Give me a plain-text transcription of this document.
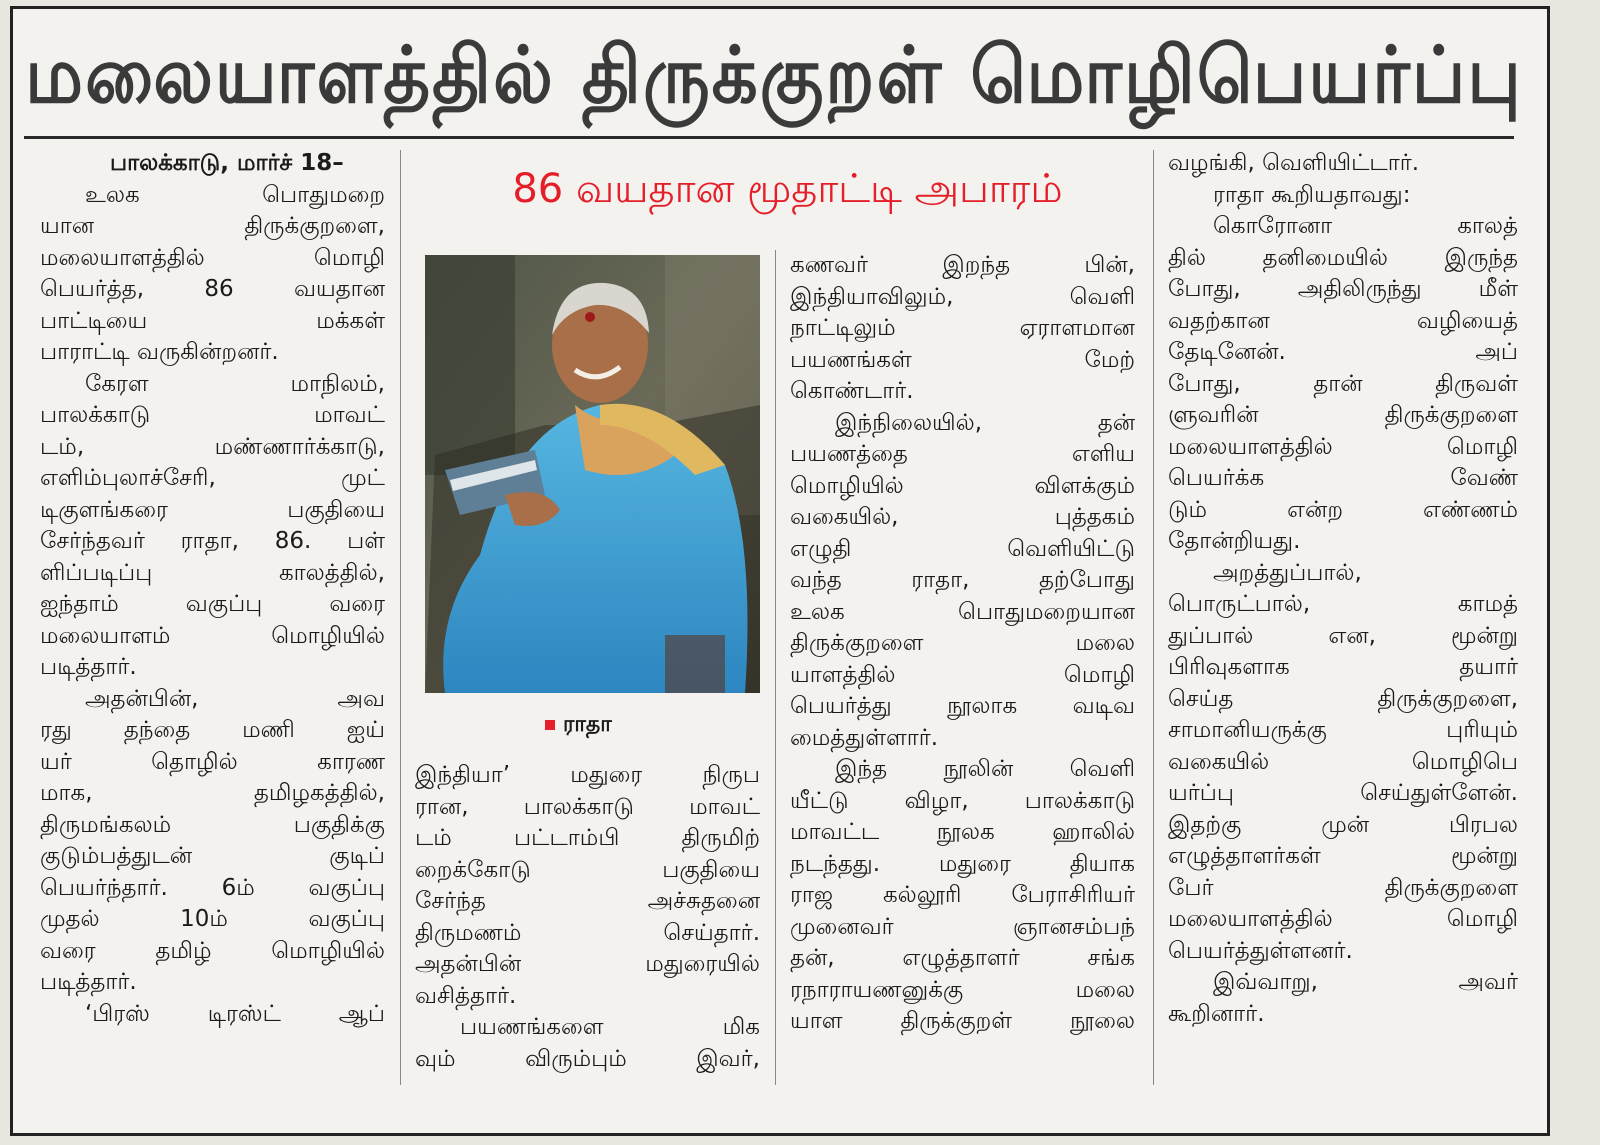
மலையாளத்தில் திருக்குறள் மொழிபெயர்ப்பு
86 வயதான மூதாட்டி அபாரம்
ராதா
பாலக்காடு, மார்ச் 18–
உலக பொதுமறை
யான திருக்குறளை,
மலையாளத்தில் மொழி
பெயர்த்த, 86 வயதான
பாட்டியை மக்கள்
பாராட்டி வருகின்றனர்.
கேரள மாநிலம்,
பாலக்காடு மாவட்
டம், மண்ணார்க்காடு,
எளிம்புலாச்சேரி, முட்
டிகுளங்கரை பகுதியை
சேர்ந்தவர் ராதா, 86. பள்
ளிப்படிப்பு காலத்தில்,
ஐந்தாம் வகுப்பு வரை
மலையாளம் மொழியில்
படித்தார்.
அதன்பின், அவ
ரது தந்தை மணி ஐய்
யர் தொழில் காரண
மாக, தமிழகத்தில்,
திருமங்கலம் பகுதிக்கு
குடும்பத்துடன் குடிப்
பெயர்ந்தார். 6ம் வகுப்பு
முதல் 10ம் வகுப்பு
வரை தமிழ் மொழியில்
படித்தார்.
‘பிரஸ் டிரஸ்ட் ஆப்
இந்தியா’ மதுரை நிருப
ரான, பாலக்காடு மாவட்
டம் பட்டாம்பி திருமிற்
றைக்கோடு பகுதியை
சேர்ந்த அச்சுதனை
திருமணம் செய்தார்.
அதன்பின் மதுரையில்
வசித்தார்.
பயணங்களை மிக
வும் விரும்பும் இவர்,
கணவர் இறந்த பின்,
இந்தியாவிலும், வெளி
நாட்டிலும் ஏராளமான
பயணங்கள் மேற்
கொண்டார்.
இந்நிலையில், தன்
பயணத்தை எளிய
மொழியில் விளக்கும்
வகையில், புத்தகம்
எழுதி வெளியிட்டு
வந்த ராதா, தற்போது
உலக பொதுமறையான
திருக்குறளை மலை
யாளத்தில் மொழி
பெயர்த்து நூலாக வடிவ
மைத்துள்ளார்.
இந்த நூலின் வெளி
யீட்டு விழா, பாலக்காடு
மாவட்ட நூலக ஹாலில்
நடந்தது. மதுரை தியாக
ராஜ கல்லூரி பேராசிரியர்
முனைவர் ஞானசம்பந்
தன், எழுத்தாளர் சங்க
ரநாராயணனுக்கு மலை
யாள திருக்குறள் நூலை
வழங்கி, வெளியிட்டார்.
ராதா கூறியதாவது:
கொரோனா காலத்
தில் தனிமையில் இருந்த
போது, அதிலிருந்து மீள்
வதற்கான வழியைத்
தேடினேன். அப்
போது, தான் திருவள்
ளுவரின் திருக்குறளை
மலையாளத்தில் மொழி
பெயர்க்க வேண்
டும் என்ற எண்ணம்
தோன்றியது.
அறத்துப்பால்,
பொருட்பால், காமத்
துப்பால் என, மூன்று
பிரிவுகளாக தயார்
செய்த திருக்குறளை,
சாமானியருக்கு புரியும்
வகையில் மொழிபெ
யர்ப்பு செய்துள்ளேன்.
இதற்கு முன் பிரபல
எழுத்தாளர்கள் மூன்று
பேர் திருக்குறளை
மலையாளத்தில் மொழி
பெயர்த்துள்ளனர்.
இவ்வாறு, அவர்
கூறினார்.
